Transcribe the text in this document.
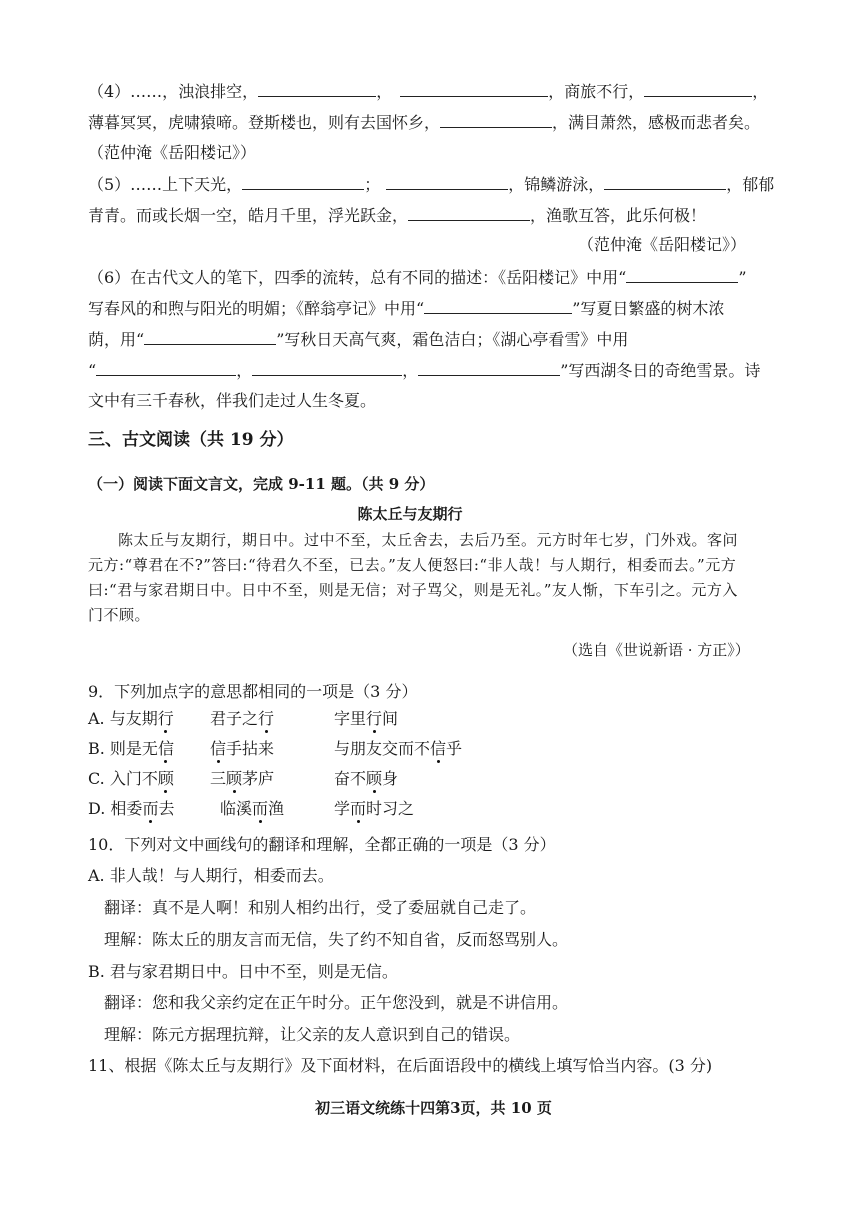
（4）……，浊浪排空，	，	，商旅不行，	，
薄暮冥冥，虎啸猿啼。登斯楼也，则有去国怀乡，	，满目萧然，感极而悲者矣。
（范仲淹《岳阳楼记》）
（5）……上下天光，	；	，锦鳞游泳，	，郁郁
青青。而或长烟一空，皓月千里，浮光跃金，	，渔歌互答，此乐何极！
（范仲淹《岳阳楼记》）
（6）在古代文人的笔下，四季的流转，总有不同的描述：《岳阳楼记》中用“	”
写春风的和煦与阳光的明媚；《醉翁亭记》中用“	”写夏日繁盛的树木浓
荫，用“	”写秋日天高气爽，霜色洁白；《湖心亭看雪》中用
“	，	，	”写西湖冬日的奇绝雪景。诗
文中有三千春秋，伴我们走过人生冬夏。
三、古文阅读（共 19 分）
（一）阅读下面文言文，完成 9-11 题。（共 9 分）
陈太丘与友期行
陈太丘与友期行，期日中。过中不至，太丘舍去，去后乃至。元方时年七岁，门外戏。客问
元方:“尊君在不?”答曰:“待君久不至，已去。”友人便怒曰:“非人哉！与人期行，相委而去。”元方
曰:“君与家君期日中。日中不至，则是无信；对子骂父，则是无礼。”友人惭，下车引之。元方入
门不顾。
（选自《世说新语 · 方正》）
9．下列加点字的意思都相同的一项是（3 分）
A. 与友期行 君子之行	字里行间
B. 则是无信 信手拈来	与朋友交而不信乎
C. 入门不顾 三顾茅庐	奋不顾身
D. 相委而去	临溪而渔	学而时习之
10．下列对文中画线句的翻译和理解，全都正确的一项是（3 分）
A. 非人哉！与人期行，相委而去。
翻译：真不是人啊！和别人相约出行，受了委屈就自己走了。
理解：陈太丘的朋友言而无信，失了约不知自省，反而怒骂别人。
B. 君与家君期日中。日中不至，则是无信。
翻译：您和我父亲约定在正午时分。正午您没到，就是不讲信用。
理解：陈元方据理抗辩，让父亲的友人意识到自己的错误。
11、根据《陈太丘与友期行》及下面材料，在后面语段中的横线上填写恰当内容。(3 分)
初三语文统练十四第3页，共 10 页
